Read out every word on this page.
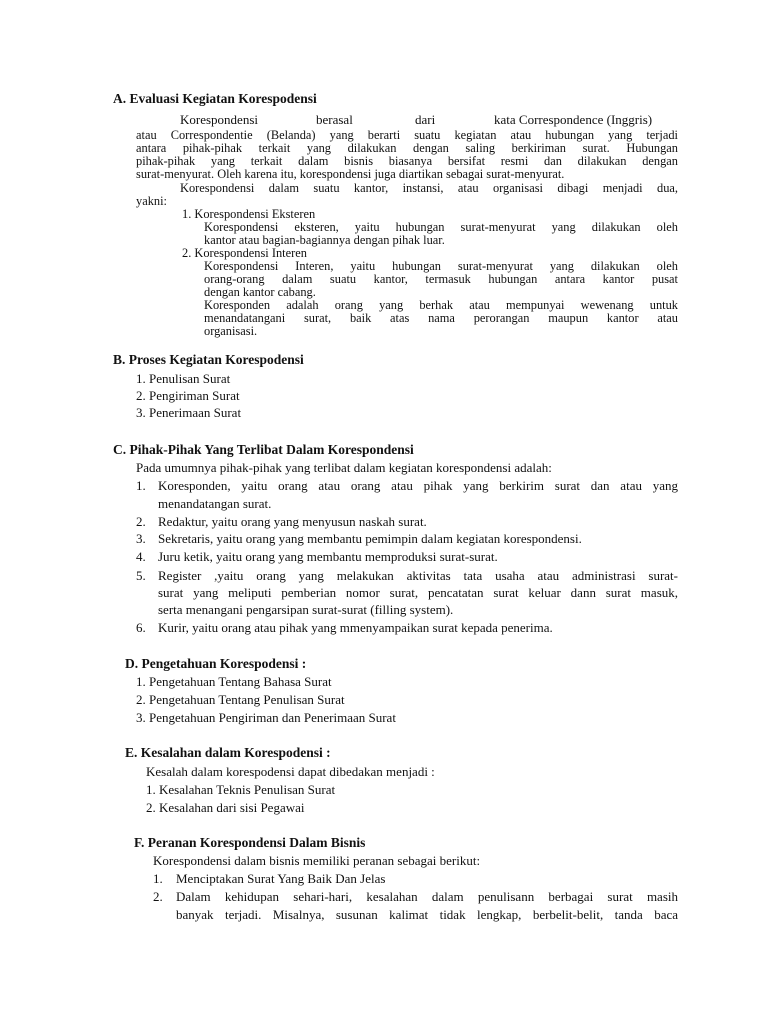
A. Evaluasi Kegiatan Korespodensi
Korespondensi	berasal	dari	kata Correspondence (Inggris)
atau Correspondentie (Belanda) yang berarti suatu kegiatan atau hubungan yang terjadi
antara pihak-pihak terkait yang dilakukan dengan saling berkiriman surat. Hubungan
pihak-pihak yang terkait dalam bisnis biasanya bersifat resmi dan dilakukan dengan
surat-menyurat. Oleh karena itu, korespondensi juga diartikan sebagai surat-menyurat.
Korespondensi dalam suatu kantor, instansi, atau organisasi dibagi menjadi dua,
yakni:
1. Korespondensi Eksteren
Korespondensi eksteren, yaitu hubungan surat-menyurat yang dilakukan oleh
kantor atau bagian-bagiannya dengan pihak luar.
2. Korespondensi Interen
Korespondensi Interen, yaitu hubungan surat-menyurat yang dilakukan oleh
orang-orang dalam suatu kantor, termasuk hubungan antara kantor pusat
dengan kantor cabang.
Koresponden adalah orang yang berhak atau mempunyai wewenang untuk
menandatangani surat, baik atas nama perorangan maupun kantor atau
organisasi.
B. Proses Kegiatan Korespodensi
1. Penulisan Surat
2. Pengiriman Surat
3. Penerimaan Surat
C. Pihak-Pihak Yang Terlibat Dalam Korespondensi
Pada umumnya pihak-pihak yang terlibat dalam kegiatan korespondensi adalah:
1. Koresponden, yaitu orang atau orang atau pihak yang berkirim surat dan atau yang
menandatangan surat.
2. Redaktur, yaitu orang yang menyusun naskah surat.
3. Sekretaris, yaitu orang yang membantu pemimpin dalam kegiatan korespondensi.
4. Juru ketik, yaitu orang yang membantu memproduksi surat-surat.
5. Register ,yaitu orang yang melakukan aktivitas tata usaha atau administrasi surat-
surat yang meliputi pemberian nomor surat, pencatatan surat keluar dann surat masuk,
serta menangani pengarsipan surat-surat (filling system).
6. Kurir, yaitu orang atau pihak yang mmenyampaikan surat kepada penerima.
D. Pengetahuan Korespodensi :
1. Pengetahuan Tentang Bahasa Surat
2. Pengetahuan Tentang Penulisan Surat
3. Pengetahuan Pengiriman dan Penerimaan Surat
E. Kesalahan dalam Korespodensi :
Kesalah dalam korespodensi dapat dibedakan menjadi :
1. Kesalahan Teknis Penulisan Surat
2. Kesalahan dari sisi Pegawai
F. Peranan Korespondensi Dalam Bisnis
Korespondensi dalam bisnis memiliki peranan sebagai berikut:
1. Menciptakan Surat Yang Baik Dan Jelas
2. Dalam kehidupan sehari-hari, kesalahan dalam penulisann berbagai surat masih
banyak terjadi. Misalnya, susunan kalimat tidak lengkap, berbelit-belit, tanda baca
